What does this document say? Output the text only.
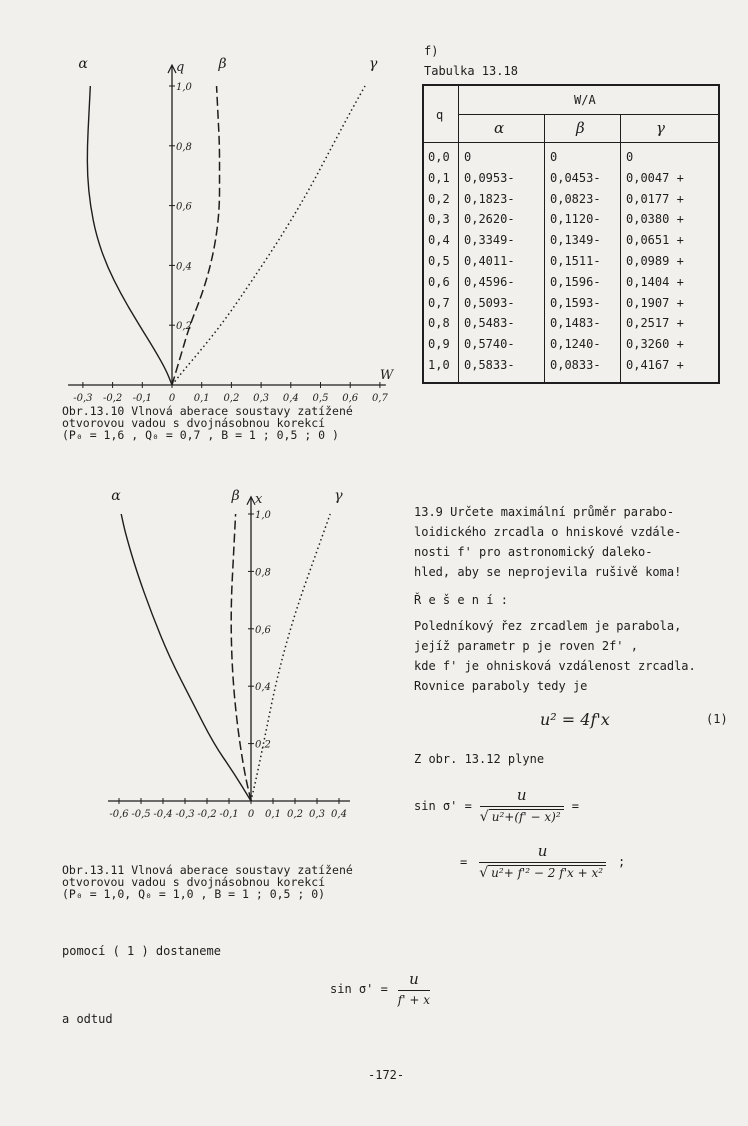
-0,3 -0,2 -0,1 0 0,1 0,2 0,3 0,4 0,5 0,6 0,7
0,2
0,4
0,6
0,8
1,0
q
W
α	β	γ
Obr.13.10 Vlnová aberace soustavy zatížené
otvorovou vadou s dvojnásobnou korekcí
(P₀ = 1,6 , Q₀ = 0,7 , B = 1 ; 0,5 ; 0 )
f)
Tabulka 13.18
q
W/A
α	β	γ
0,0 0	0	0
0,1 0,0953-	0,0453- 0,0047 +
0,2 0,1823-	0,0823- 0,0177 +
0,3 0,2620-	0,1120- 0,0380 +
0,4 0,3349-	0,1349- 0,0651 +
0,5 0,4011-	0,1511- 0,0989 +
0,6 0,4596-	0,1596- 0,1404 +
0,7 0,5093-	0,1593- 0,1907 +
0,8 0,5483-	0,1483- 0,2517 +
0,9 0,5740-	0,1240- 0,3260 +
1,0 0,5833-	0,0833- 0,4167 +
-0,6 -0,5 -0,4 -0,3 -0,2 -0,1 0 0,1 0,2 0,3 0,4
0,2
0,4
0,6
0,8
1,0
x
α	β	γ
Obr.13.11 Vlnová aberace soustavy zatížené
otvorovou vadou s dvojnásobnou korekcí
(P₀ = 1,0, Q₀ = 1,0 , B = 1 ; 0,5 ; 0)
13.9 Určete maximální průměr parabo-
loidického zrcadla o hniskové vzdále-
nosti f' pro astronomický daleko-
hled, aby se neprojevila rušivě koma!
Ř e š e n í :
Poledníkový řez zrcadlem je parabola,
jejíž parametr p je roven 2f' ,
kde f' je ohnisková vzdálenost zrcadla.
Rovnice paraboly tedy je
u² = 4f'x	(1)
Z obr. 13.12 plyne
$\sin \sigma' = \frac{u}{\text{√ u²+(f' − x)²}}$ =
= $\frac{u}{\text{√ u²+ f'² − 2 f'x + x²}}$ ;
pomocí ( 1 ) dostaneme
$\sin \sigma' = \frac{u}{f' + x}$
a odtud
-172-
